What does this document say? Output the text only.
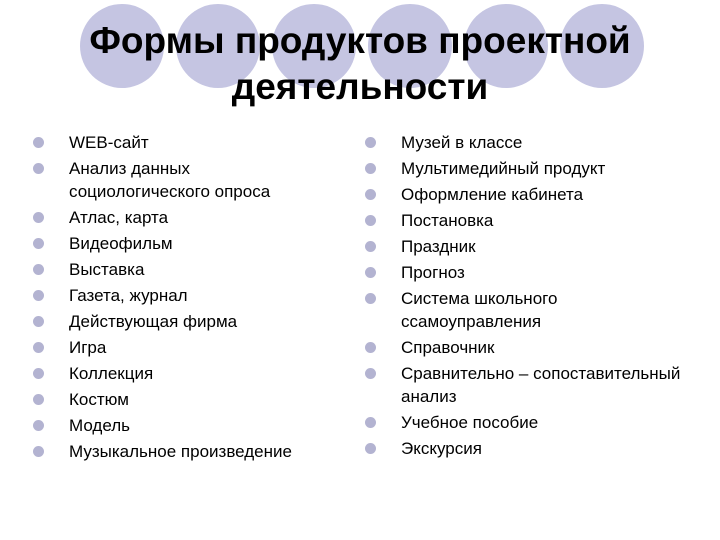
Формы продуктов проектной
деятельности
WEB-сайт
Анализ данных социологического опроса
Атлас, карта
Видеофильм
Выставка
Газета, журнал
Действующая фирма
Игра
Коллекция
Костюм
Модель
Музыкальное произведение
Музей в классе
Мультимедийный продукт
Оформление кабинета
Постановка
Праздник
Прогноз
Система школьного ссамоуправления
Справочник
Сравнительно – сопоставительный анализ
Учебное пособие
Экскурсия
